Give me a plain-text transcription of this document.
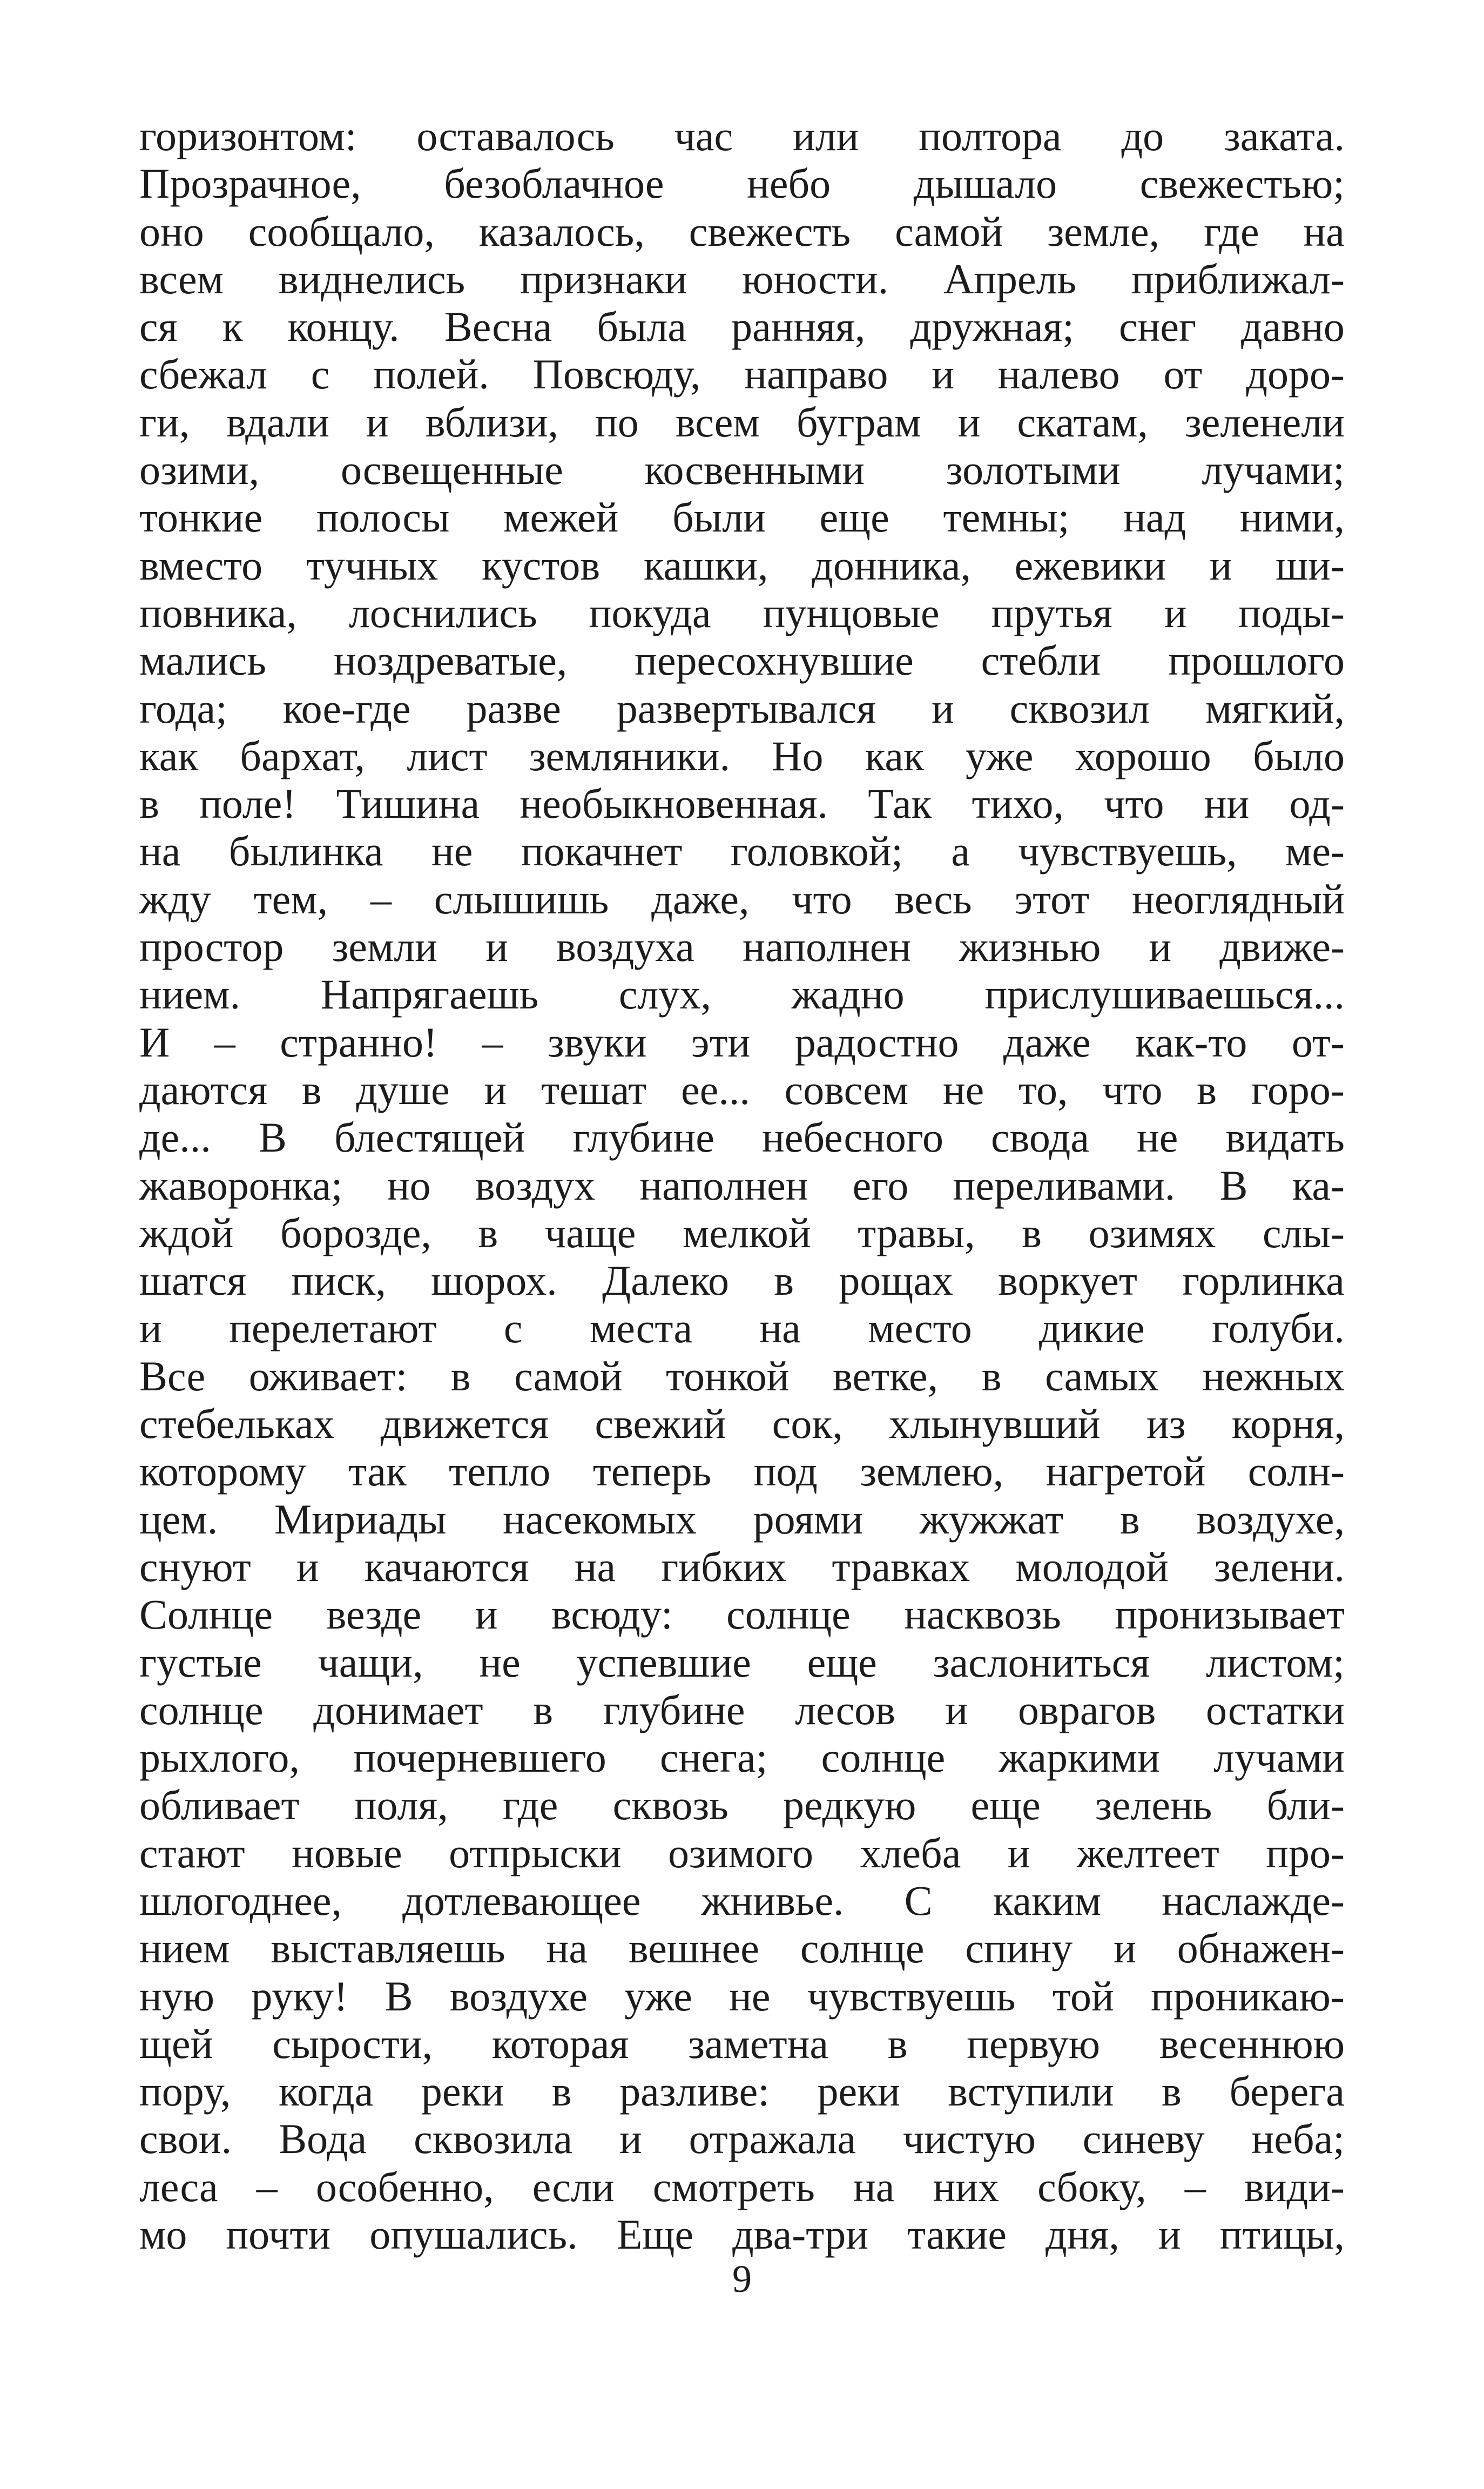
горизонтом: оставалось час или полтора до заката.
Прозрачное, безоблачное небо дышало свежестью;
оно сообщало, казалось, свежесть самой земле, где на
всем виднелись признаки юности. Апрель приближал-
ся к концу. Весна была ранняя, дружная; снег давно
сбежал с полей. Повсюду, направо и налево от доро-
ги, вдали и вблизи, по всем буграм и скатам, зеленели
озими, освещенные косвенными золотыми лучами;
тонкие полосы межей были еще темны; над ними,
вместо тучных кустов кашки, донника, ежевики и ши-
повника, лоснились покуда пунцовые прутья и поды-
мались ноздреватые, пересохнувшие стебли прошлого
года; кое-где разве развертывался и сквозил мягкий,
как бархат, лист земляники. Но как уже хорошо было
в поле! Тишина необыкновенная. Так тихо, что ни од-
на былинка не покачнет головкой; а чувствуешь, ме-
жду тем, – слышишь даже, что весь этот неоглядный
простор земли и воздуха наполнен жизнью и движе-
нием. Напрягаешь слух, жадно прислушиваешься...
И – странно! – звуки эти радостно даже как-то от-
даются в душе и тешат ее... совсем не то, что в горо-
де... В блестящей глубине небесного свода не видать
жаворонка; но воздух наполнен его переливами. В ка-
ждой борозде, в чаще мелкой травы, в озимях слы-
шатся писк, шорох. Далеко в рощах воркует горлинка
и перелетают с места на место дикие голуби.
Все оживает: в самой тонкой ветке, в самых нежных
стебельках движется свежий сок, хлынувший из корня,
которому так тепло теперь под землею, нагретой солн-
цем. Мириады насекомых роями жужжат в воздухе,
снуют и качаются на гибких травках молодой зелени.
Солнце везде и всюду: солнце насквозь пронизывает
густые чащи, не успевшие еще заслониться листом;
солнце донимает в глубине лесов и оврагов остатки
рыхлого, почерневшего снега; солнце жаркими лучами
обливает поля, где сквозь редкую еще зелень бли-
стают новые отпрыски озимого хлеба и желтеет про-
шлогоднее, дотлевающее жнивье. С каким наслажде-
нием выставляешь на вешнее солнце спину и обнажен-
ную руку! В воздухе уже не чувствуешь той проникаю-
щей сырости, которая заметна в первую весеннюю
пору, когда реки в разливе: реки вступили в берега
свои. Вода сквозила и отражала чистую синеву неба;
леса – особенно, если смотреть на них сбоку, – види-
мо почти опушались. Еще два-три такие дня, и птицы,
9
